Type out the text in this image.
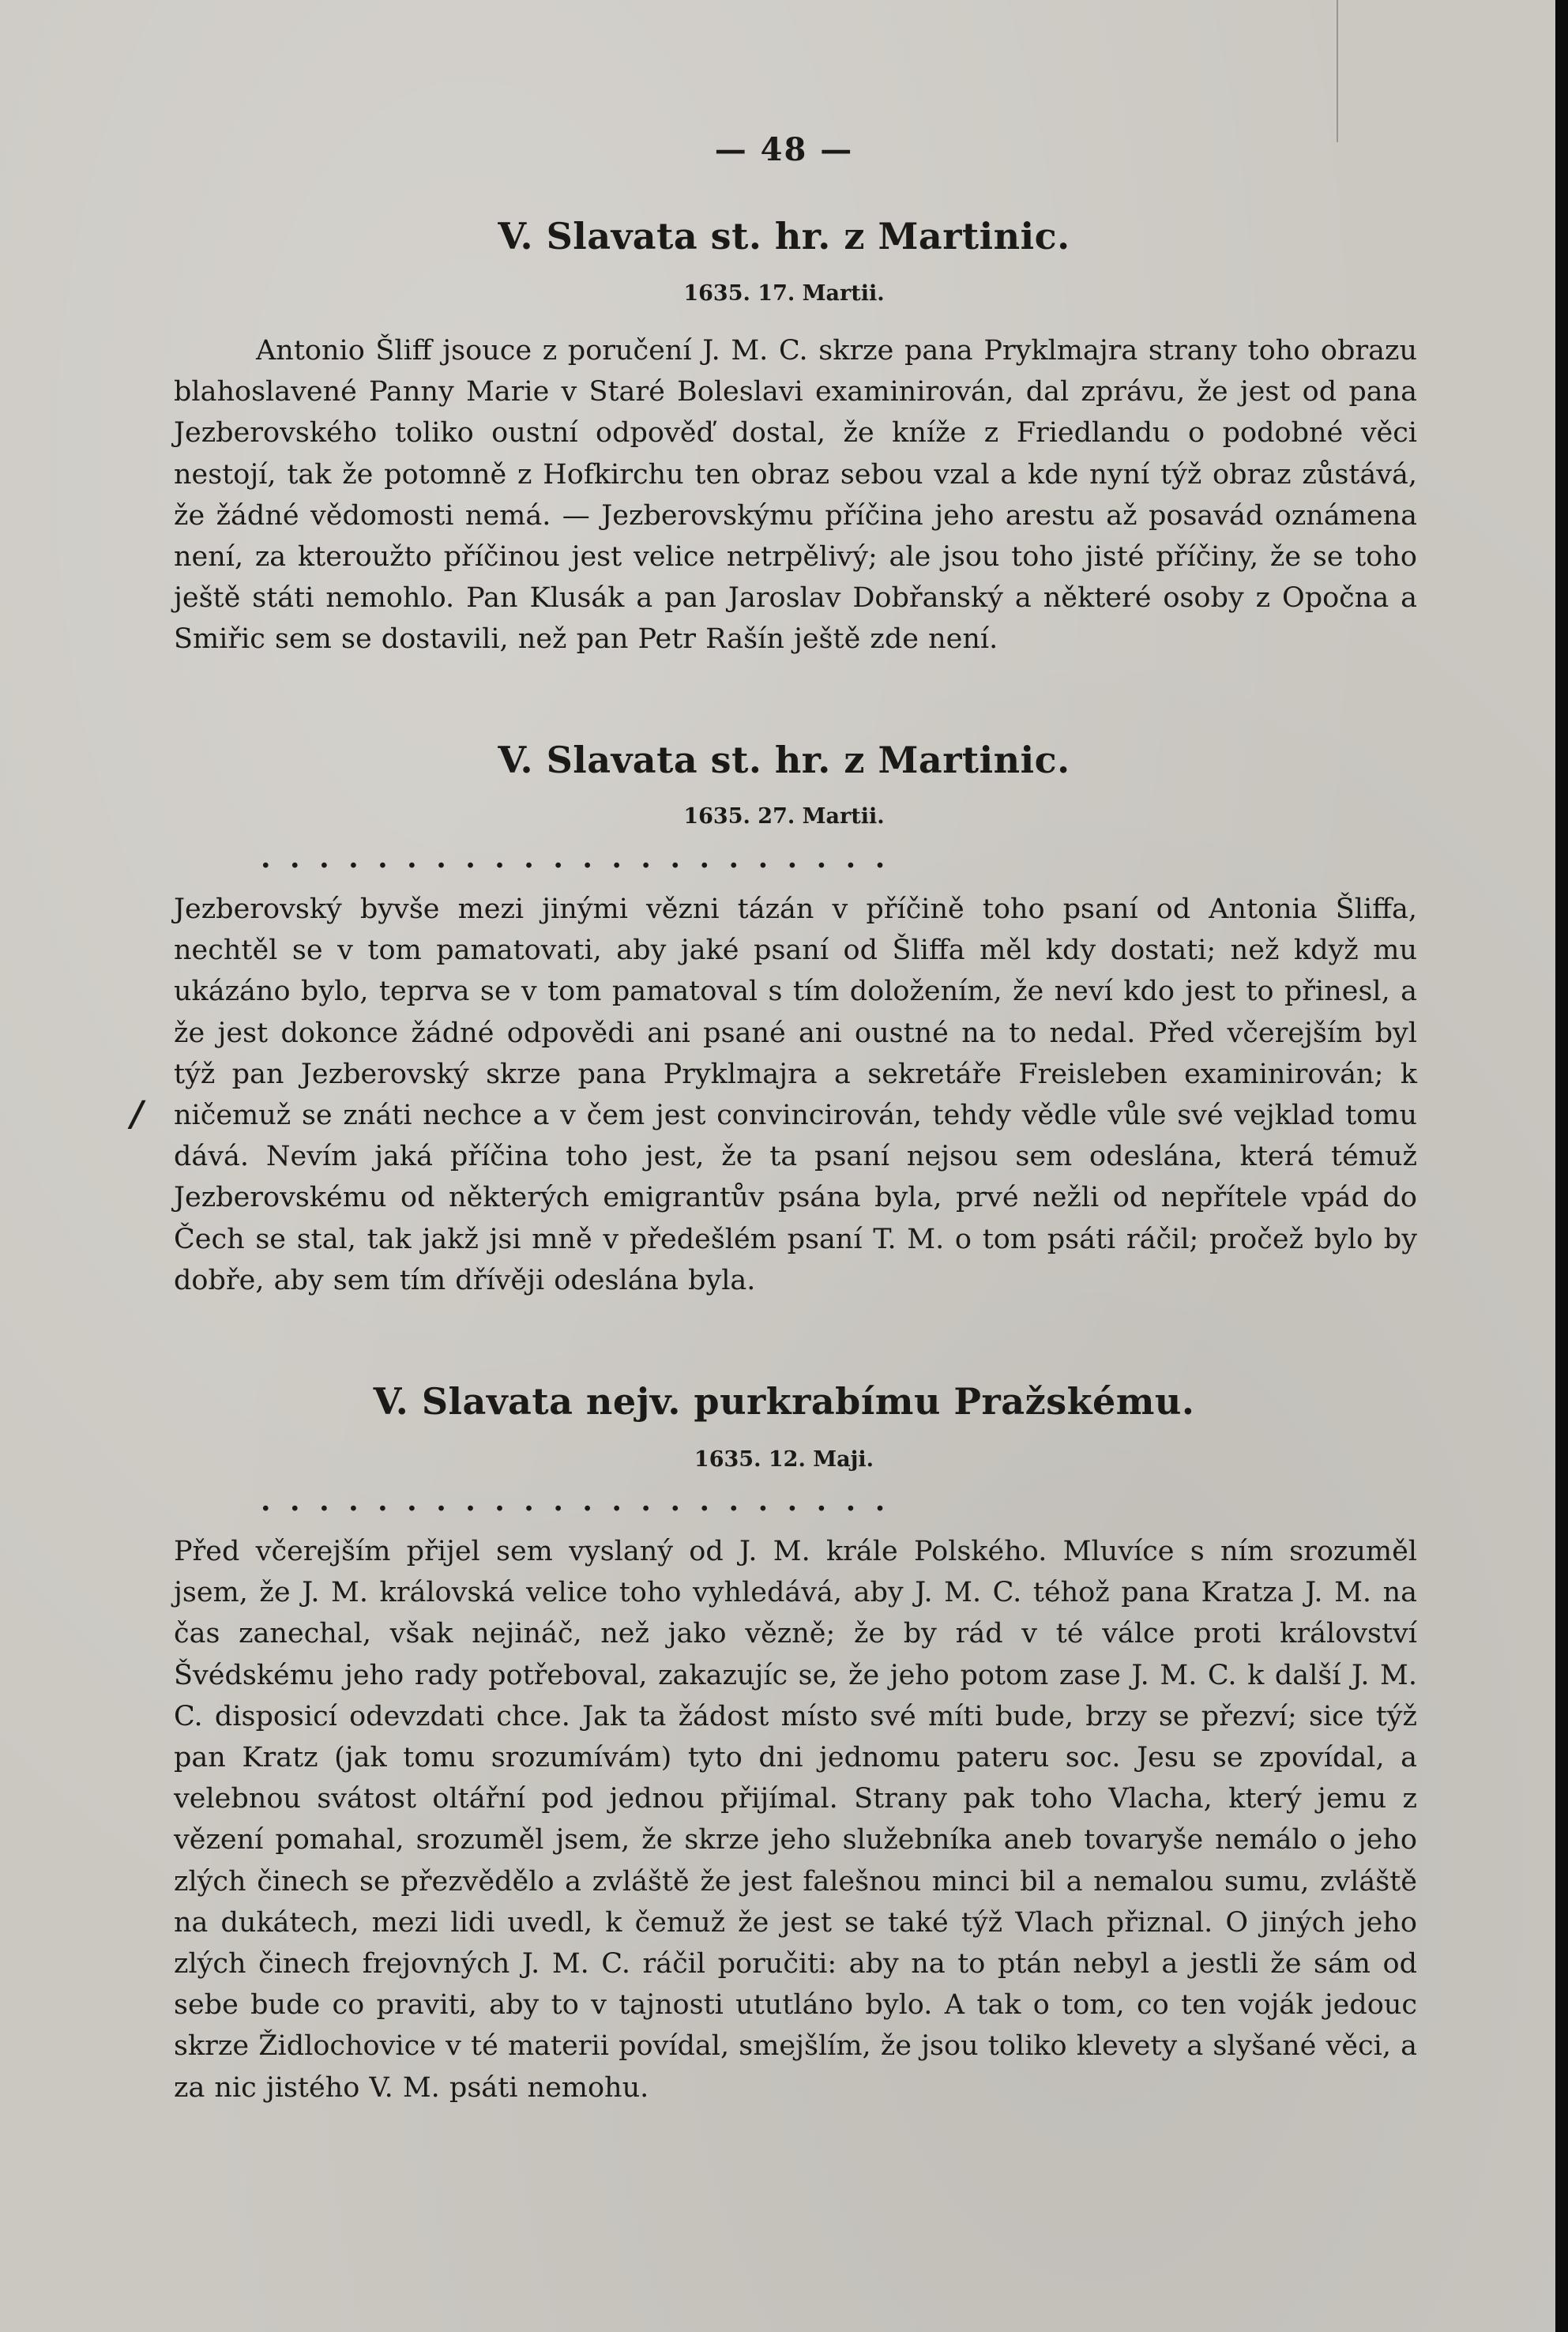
— 48 —
V. Slavata st. hr. z Martinic.
1635. 17. Martii.
Antonio Šliff jsouce z poručení J. M. C. skrze pana Pryklmajra strany toho obrazu blahoslavené Panny Marie v Staré Boleslavi examinirován, dal zprávu, že jest od pana Jezberovského toliko oustní odpověď dostal, že kníže z Friedlandu o podobné věci nestojí, tak že potomně z Hofkirchu ten obraz sebou vzal a kde nyní týž obraz zůstává, že žádné vědomosti nemá. — Jezberovskýmu příčina jeho arestu až posavád oznámena není, za kteroužto příčinou jest velice netrpělivý; ale jsou toho jisté příčiny, že se toho ještě státi nemohlo. Pan Klusák a pan Jaroslav Dobřanský a některé osoby z Opočna a Smiřic sem se dostavili, než pan Petr Rašín ještě zde není.
V. Slavata st. hr. z Martinic.
1635. 27. Martii.
......................
Jezberovský byvše mezi jinými vězni tázán v příčině toho psaní od Antonia Šliffa, nechtěl se v tom pamatovati, aby jaké psaní od Šliffa měl kdy dostati; než když mu ukázáno bylo, teprva se v tom pamatoval s tím doložením, že neví kdo jest to přinesl, a že jest dokonce žádné odpovědi ani psané ani oustné na to nedal. Před včerejším byl týž pan Jezberovský skrze pana Pryklmajra a sekretáře Freisleben examinirován; k ničemuž se znáti nechce a v čem jest convincirován, tehdy vědle vůle své vejklad tomu dává. Nevím jaká příčina toho jest, že ta psaní nejsou sem odeslána, která témuž Jezberovskému od některých emigrantův psána byla, prvé nežli od nepřítele vpád do Čech se stal, tak jakž jsi mně v předešlém psaní T. M. o tom psáti ráčil; pročež bylo by dobře, aby sem tím dřívěji odeslána byla.
/
V. Slavata nejv. purkrabímu Pražskému.
1635. 12. Maji.
......................
Před včerejším přijel sem vyslaný od J. M. krále Polského. Mluvíce s ním srozuměl jsem, že J. M. královská velice toho vyhledává, aby J. M. C. téhož pana Kratza J. M. na čas zanechal, však nejináč, než jako vězně; že by rád v té válce proti království Švédskému jeho rady potřeboval, zakazujíc se, že jeho potom zase J. M. C. k další J. M. C. disposicí odevzdati chce. Jak ta žádost místo své míti bude, brzy se přezví; sice týž pan Kratz (jak tomu srozumívám) tyto dni jednomu pateru soc. Jesu se zpovídal, a velebnou svátost oltářní pod jednou přijímal. Strany pak toho Vlacha, který jemu z vězení pomahal, srozuměl jsem, že skrze jeho služebníka aneb tovaryše nemálo o jeho zlých činech se přezvědělo a zvláště že jest falešnou minci bil a nemalou sumu, zvláště na dukátech, mezi lidi uvedl, k čemuž že jest se také týž Vlach přiznal. O jiných jeho zlých činech frejovných J. M. C. ráčil poručiti: aby na to ptán nebyl a jestli že sám od sebe bude co praviti, aby to v tajnosti ututláno bylo. A tak o tom, co ten voják jedouc skrze Židlochovice v té materii povídal, smejšlím, že jsou toliko klevety a slyšané věci, a za nic jistého V. M. psáti nemohu.
